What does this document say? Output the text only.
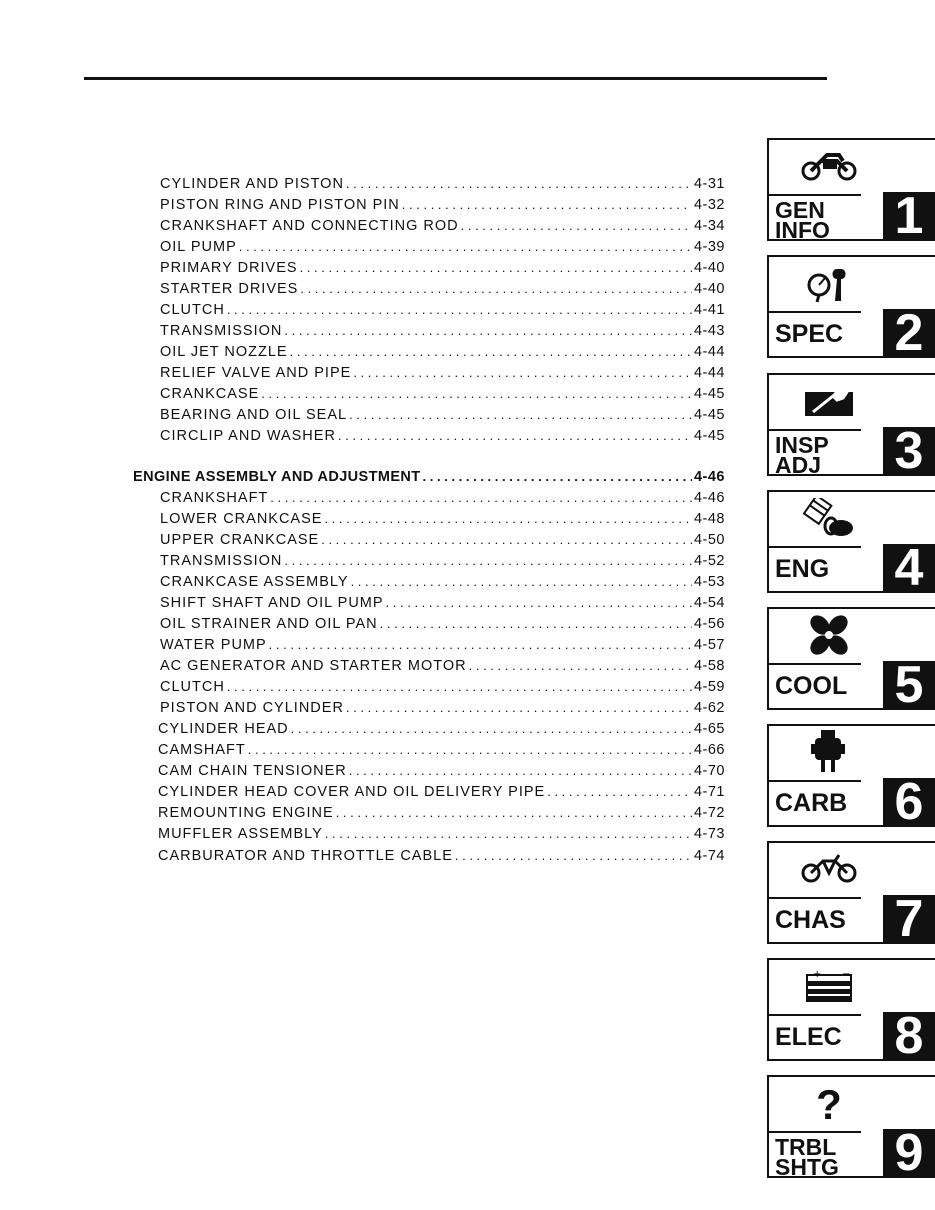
CYLINDER AND PISTON . . .	4-31
PISTON RING AND PISTON PIN . . .	4-32
CRANKSHAFT AND CONNECTING ROD . . .	4-34
OIL PUMP . . .	4-39
PRIMARY DRIVES . . .	4-40
STARTER DRIVES . . .	4-40
CLUTCH . . .	4-41
TRANSMISSION . . .	4-43
OIL JET NOZZLE . . .	4-44
RELIEF VALVE AND PIPE . . .	4-44
CRANKCASE . . .	4-45
BEARING AND OIL SEAL . . .	4-45
CIRCLIP AND WASHER . . .	4-45
ENGINE ASSEMBLY AND ADJUSTMENT . . .	4-46
CRANKSHAFT . . .	4-46
LOWER CRANKCASE . . .	4-48
UPPER CRANKCASE . . .	4-50
TRANSMISSION . . .	4-52
CRANKCASE ASSEMBLY . . .	4-53
SHIFT SHAFT AND OIL PUMP . . .	4-54
OIL STRAINER AND OIL PAN . . .	4-56
WATER PUMP . . .	4-57
AC GENERATOR AND STARTER MOTOR . . .	4-58
CLUTCH . . .	4-59
PISTON AND CYLINDER . . .	4-62
CYLINDER HEAD . . .	4-65
CAMSHAFT . . .	4-66
CAM CHAIN TENSIONER . . .	4-70
CYLINDER HEAD COVER AND OIL DELIVERY PIPE . . .	4-71
REMOUNTING ENGINE . . .	4-72
MUFFLER ASSEMBLY . . .	4-73
CARBURATOR AND THROTTLE CABLE . . .	4-74
GEN
INFO	1
SPEC 2
INSP
ADJ	3
ENG	4
COOL 5
CARB 6
CHAS 7
+ −
ELEC	8
?
TRBL
SHTG	9
